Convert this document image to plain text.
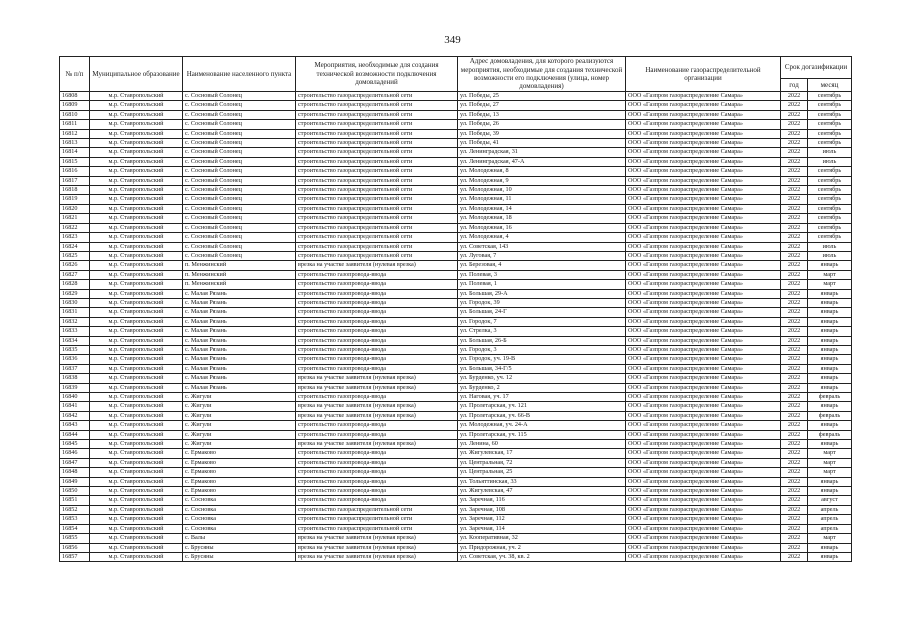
349
№ п/п	Муниципальное образование	Наименование населенного пункта	Мероприятия, необходимые для создания технической возможности подключения домовладений	Адрес домовладения, для которого реализуются мероприятия, необходимые для создания технической возможности его подключения (улица, номер домовладения)	Наименование газораспределительной организации	Срок догазификации	
						год	месяц
16808	м.р. Ставропольский	с. Сосновый Солонец	строительство газораспределительной сети	ул. Победы, 25	ООО «Газпром газораспределение Самара»	2022	сентябрь
16809	м.р. Ставропольский	с. Сосновый Солонец	строительство газораспределительной сети	ул. Победы, 27	ООО «Газпром газораспределение Самара»	2022	сентябрь
16810	м.р. Ставропольский	с. Сосновый Солонец	строительство газораспределительной сети	ул. Победы, 13	ООО «Газпром газораспределение Самара»	2022	сентябрь
16811	м.р. Ставропольский	с. Сосновый Солонец	строительство газораспределительной сети	ул. Победы, 26	ООО «Газпром газораспределение Самара»	2022	сентябрь
16812	м.р. Ставропольский	с. Сосновый Солонец	строительство газораспределительной сети	ул. Победы, 39	ООО «Газпром газораспределение Самара»	2022	сентябрь
16813	м.р. Ставропольский	с. Сосновый Солонец	строительство газораспределительной сети	ул. Победы, 41	ООО «Газпром газораспределение Самара»	2022	сентябрь
16814	м.р. Ставропольский	с. Сосновый Солонец	строительство газораспределительной сети	ул. Ленинградская, 31	ООО «Газпром газораспределение Самара»	2022	июль
16815	м.р. Ставропольский	с. Сосновый Солонец	строительство газораспределительной сети	ул. Ленинградская, 47-А	ООО «Газпром газораспределение Самара»	2022	июль
16816	м.р. Ставропольский	с. Сосновый Солонец	строительство газораспределительной сети	ул. Молодежная, 8	ООО «Газпром газораспределение Самара»	2022	сентябрь
16817	м.р. Ставропольский	с. Сосновый Солонец	строительство газораспределительной сети	ул. Молодежная, 9	ООО «Газпром газораспределение Самара»	2022	сентябрь
16818	м.р. Ставропольский	с. Сосновый Солонец	строительство газораспределительной сети	ул. Молодежная, 10	ООО «Газпром газораспределение Самара»	2022	сентябрь
16819	м.р. Ставропольский	с. Сосновый Солонец	строительство газораспределительной сети	ул. Молодежная, 11	ООО «Газпром газораспределение Самара»	2022	сентябрь
16820	м.р. Ставропольский	с. Сосновый Солонец	строительство газораспределительной сети	ул. Молодежная, 14	ООО «Газпром газораспределение Самара»	2022	сентябрь
16821	м.р. Ставропольский	с. Сосновый Солонец	строительство газораспределительной сети	ул. Молодежная, 18	ООО «Газпром газораспределение Самара»	2022	сентябрь
16822	м.р. Ставропольский	с. Сосновый Солонец	строительство газораспределительной сети	ул. Молодежная, 16	ООО «Газпром газораспределение Самара»	2022	сентябрь
16823	м.р. Ставропольский	с. Сосновый Солонец	строительство газораспределительной сети	ул. Молодежная, 4	ООО «Газпром газораспределение Самара»	2022	сентябрь
16824	м.р. Ставропольский	с. Сосновый Солонец	строительство газораспределительной сети	ул. Советская, 143	ООО «Газпром газораспределение Самара»	2022	июль
16825	м.р. Ставропольский	с. Сосновый Солонец	строительство газораспределительной сети	ул. Луговая, 7	ООО «Газпром газораспределение Самара»	2022	июль
16826	м.р. Ставропольский	п. Менжинский	врезка на участке заявителя (нулевая врезка)	ул. Березовая, 4	ООО «Газпром газораспределение Самара»	2022	январь
16827	м.р. Ставропольский	п. Менжинский	строительство газопровода-ввода	ул. Полевая, 3	ООО «Газпром газораспределение Самара»	2022	март
16828	м.р. Ставропольский	п. Менжинский	строительство газопровода-ввода	ул. Полевая, 1	ООО «Газпром газораспределение Самара»	2022	март
16829	м.р. Ставропольский	с. Малая Рязань	строительство газопровода-ввода	ул. Большая, 29-А	ООО «Газпром газораспределение Самара»	2022	январь
16830	м.р. Ставропольский	с. Малая Рязань	строительство газопровода-ввода	ул. Городок, 39	ООО «Газпром газораспределение Самара»	2022	январь
16831	м.р. Ставропольский	с. Малая Рязань	строительство газопровода-ввода	ул. Большая, 24-Г	ООО «Газпром газораспределение Самара»	2022	январь
16832	м.р. Ставропольский	с. Малая Рязань	строительство газопровода-ввода	ул. Городок, 7	ООО «Газпром газораспределение Самара»	2022	январь
16833	м.р. Ставропольский	с. Малая Рязань	строительство газопровода-ввода	ул. Стрелка, 3	ООО «Газпром газораспределение Самара»	2022	январь
16834	м.р. Ставропольский	с. Малая Рязань	строительство газопровода-ввода	ул. Большая, 26-Б	ООО «Газпром газораспределение Самара»	2022	январь
16835	м.р. Ставропольский	с. Малая Рязань	строительство газопровода-ввода	ул. Городок, 3	ООО «Газпром газораспределение Самара»	2022	январь
16836	м.р. Ставропольский	с. Малая Рязань	строительство газопровода-ввода	ул. Городок, уч. 19-В	ООО «Газпром газораспределение Самара»	2022	январь
16837	м.р. Ставропольский	с. Малая Рязань	строительство газопровода-ввода	ул. Большая, 34-Г/5	ООО «Газпром газораспределение Самара»	2022	январь
16838	м.р. Ставропольский	с. Малая Рязань	врезка на участке заявителя (нулевая врезка)	ул. Бурденко, уч. 12	ООО «Газпром газораспределение Самара»	2022	январь
16839	м.р. Ставропольский	с. Малая Рязань	врезка на участке заявителя (нулевая врезка)	ул. Бурденко, 2	ООО «Газпром газораспределение Самара»	2022	январь
16840	м.р. Ставропольский	с. Жигули	строительство газопровода-ввода	ул. Наговая, уч. 17	ООО «Газпром газораспределение Самара»	2022	февраль
16841	м.р. Ставропольский	с. Жигули	врезка на участке заявителя (нулевая врезка)	ул. Пролетарская, уч. 121	ООО «Газпром газораспределение Самара»	2022	январь
16842	м.р. Ставропольский	с. Жигули	врезка на участке заявителя (нулевая врезка)	ул. Пролетарская, уч. 66-В	ООО «Газпром газораспределение Самара»	2022	февраль
16843	м.р. Ставропольский	с. Жигули	строительство газопровода-ввода	ул. Молодежная, уч. 24-А	ООО «Газпром газораспределение Самара»	2022	январь
16844	м.р. Ставропольский	с. Жигули	строительство газопровода-ввода	ул. Пролетарская, уч. 115	ООО «Газпром газораспределение Самара»	2022	февраль
16845	м.р. Ставропольский	с. Жигули	врезка на участке заявителя (нулевая врезка)	ул. Ленина, 60	ООО «Газпром газораспределение Самара»	2022	январь
16846	м.р. Ставропольский	с. Ермаково	строительство газопровода-ввода	ул. Жигулевская, 17	ООО «Газпром газораспределение Самара»	2022	март
16847	м.р. Ставропольский	с. Ермаково	строительство газопровода-ввода	ул. Центральная, 72	ООО «Газпром газораспределение Самара»	2022	март
16848	м.р. Ставропольский	с. Ермаково	строительство газопровода-ввода	ул. Центральная, 25	ООО «Газпром газораспределение Самара»	2022	март
16849	м.р. Ставропольский	с. Ермаково	строительство газопровода-ввода	ул. Тольяттинская, 33	ООО «Газпром газораспределение Самара»	2022	январь
16850	м.р. Ставропольский	с. Ермаково	строительство газопровода-ввода	ул. Жигулевская, 47	ООО «Газпром газораспределение Самара»	2022	январь
16851	м.р. Ставропольский	с. Сосновка	строительство газопровода-ввода	ул. Заречная, 116	ООО «Газпром газораспределение Самара»	2022	август
16852	м.р. Ставропольский	с. Сосновка	строительство газораспределительной сети	ул. Заречная, 108	ООО «Газпром газораспределение Самара»	2022	апрель
16853	м.р. Ставропольский	с. Сосновка	строительство газораспределительной сети	ул. Заречная, 112	ООО «Газпром газораспределение Самара»	2022	апрель
16854	м.р. Ставропольский	с. Сосновка	строительство газораспределительной сети	ул. Заречная, 114	ООО «Газпром газораспределение Самара»	2022	апрель
16855	м.р. Ставропольский	с. Валы	врезка на участке заявителя (нулевая врезка)	ул. Кооперативная, 32	ООО «Газпром газораспределение Самара»	2022	март
16856	м.р. Ставропольский	с. Брусяны	врезка на участке заявителя (нулевая врезка)	ул. Придорожная, уч. 2	ООО «Газпром газораспределение Самара»	2022	январь
16857	м.р. Ставропольский	с. Брусяны	врезка на участке заявителя (нулевая врезка)	ул. Советская, уч. 38, кв. 2	ООО «Газпром газораспределение Самара»	2022	январь
